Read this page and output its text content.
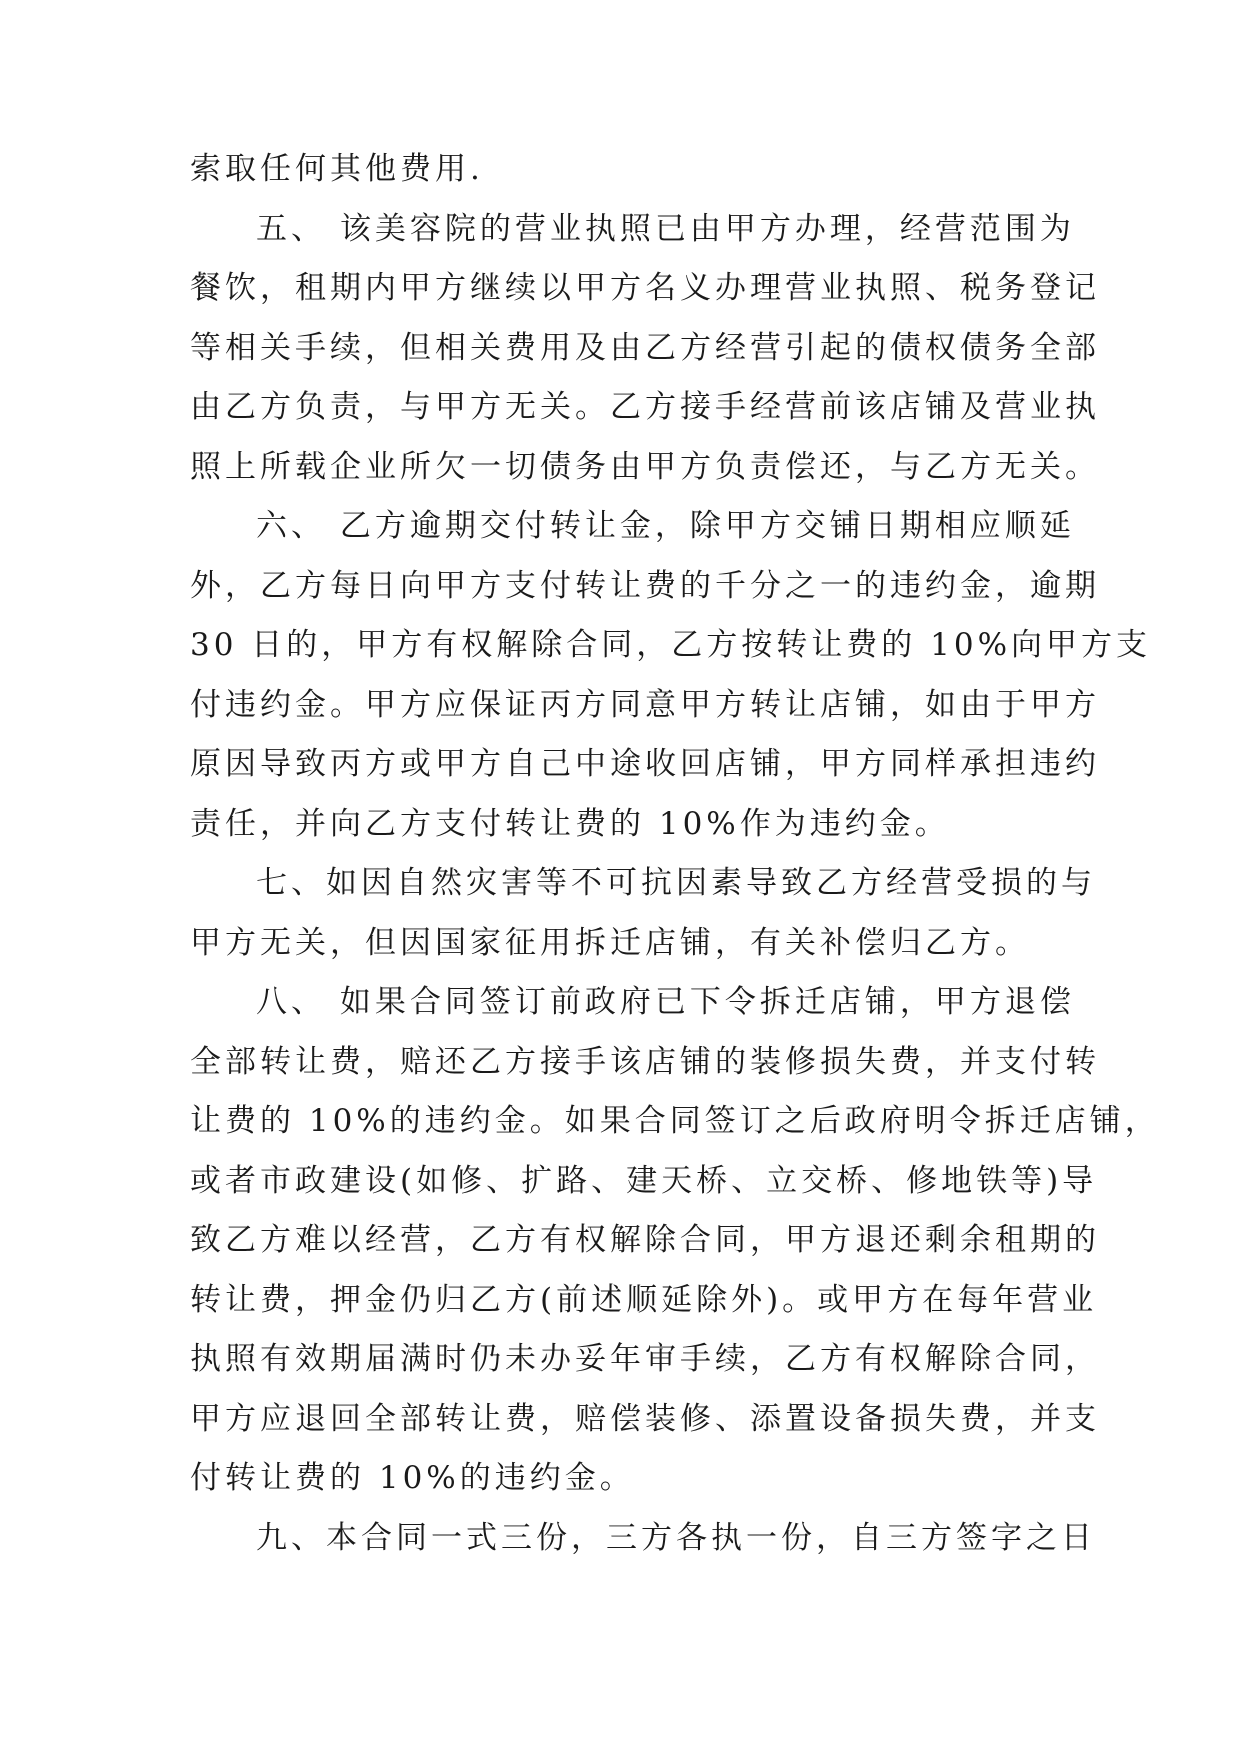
索取任何其他费用.
五、 该美容院的营业执照已由甲方办理，经营范围为
餐饮，租期内甲方继续以甲方名义办理营业执照、税务登记
等相关手续，但相关费用及由乙方经营引起的债权债务全部
由乙方负责，与甲方无关。乙方接手经营前该店铺及营业执
照上所载企业所欠一切债务由甲方负责偿还，与乙方无关。
六、 乙方逾期交付转让金，除甲方交铺日期相应顺延
外，乙方每日向甲方支付转让费的千分之一的违约金，逾期
30 日的，甲方有权解除合同，乙方按转让费的 10%向甲方支
付违约金。甲方应保证丙方同意甲方转让店铺，如由于甲方
原因导致丙方或甲方自己中途收回店铺，甲方同样承担违约
责任，并向乙方支付转让费的 10%作为违约金。
七、如因自然灾害等不可抗因素导致乙方经营受损的与
甲方无关，但因国家征用拆迁店铺，有关补偿归乙方。
八、 如果合同签订前政府已下令拆迁店铺，甲方退偿
全部转让费，赔还乙方接手该店铺的装修损失费，并支付转
让费的 10%的违约金。如果合同签订之后政府明令拆迁店铺，
或者市政建设(如修、扩路、建天桥、立交桥、修地铁等)导
致乙方难以经营，乙方有权解除合同，甲方退还剩余租期的
转让费，押金仍归乙方(前述顺延除外)。或甲方在每年营业
执照有效期届满时仍未办妥年审手续，乙方有权解除合同，
甲方应退回全部转让费，赔偿装修、添置设备损失费，并支
付转让费的 10%的违约金。
九、本合同一式三份，三方各执一份，自三方签字之日
